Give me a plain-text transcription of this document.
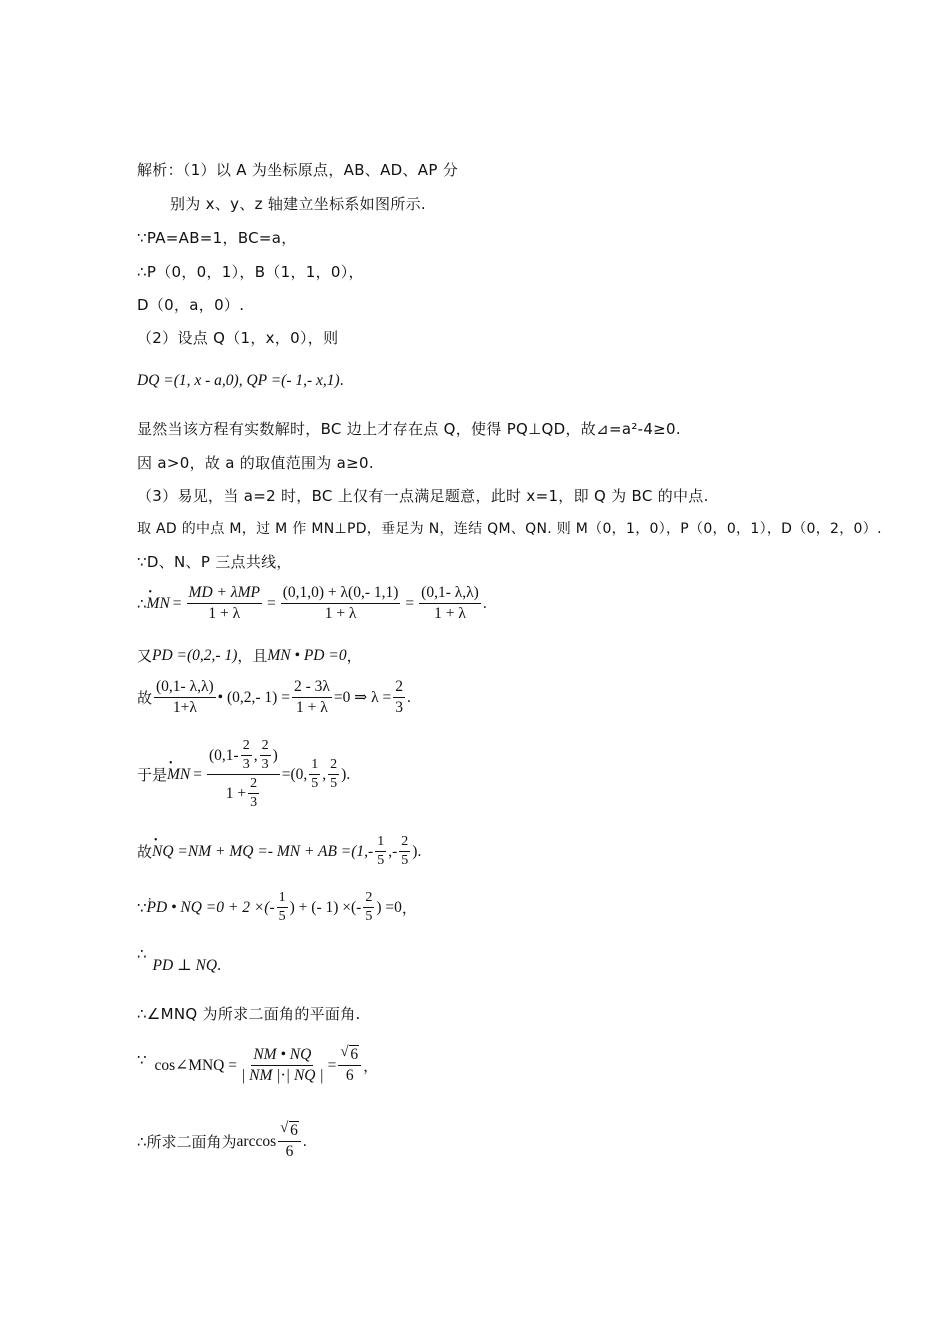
解析：（1）以 A 为坐标原点，AB、AD、AP 分
别为 x、y、z 轴建立坐标系如图所示.
∵PA=AB=1，BC=a，
∴P（0，0，1），B（1，1，0），
D（0，a，0）.
（2）设点 Q（1，x，0），则
DQ =(1, x - a,0), QP =(- 1,- x,1) .
显然当该方程有实数解时，BC 边上才存在点 Q，使得 PQ⊥QD，故⊿=a²-4≥0.
因 a>0，故 a 的取值范围为 a≥0.
（3）易见，当 a=2 时，BC 上仅有一点满足题意，此时 x=1，即 Q 为 BC 的中点.
取 AD 的中点 M，过 M 作 MN⊥PD，垂足为 N，连结 QM、QN. 则 M（0，1，0），P（0，0，1），D（0，2，0）.
∵D、N、P 三点共线，
∴
•
MN = $\frac{\text{MD + λMP}}{1 + \lambda} = \frac{(0,1,0) + \lambda(0,- 1,1)}{1 + \lambda} = \frac{(0,1- \lambda,\lambda)}{1 + \lambda}$ .
又 PD =(0,2,- 1) ，且 MN • PD =0 ，
故 $\frac{(0,1- \lambda,\lambda)}{1+\lambda}$ • (0,2,- $1) = \frac{2 - 3\lambda}{1 + \lambda} =0$ ⇒ $\lambda = \frac{2}{3}$ .
于是
•
MN = $\frac{(0,1- \frac{2}{3} , \frac{2}{3} )}{1 + \frac{2}{3}} =(0$, $\frac{1}{5}$ , $\frac{2}{5}$ ) .
故
•
NQ =NM + MQ =- MN + AB $=(1,- \frac{1}{5}$ ,- $\frac{2}{5}$ ) .
∵
,
PD • NQ =0 + 2 ×(- $\frac{1}{5}$ ) + (- 1) ×(- $\frac{2}{5}$ ) =0 ，
∴
PD ⊥ NQ .
∴∠MNQ 为所求二面角的平面角.
∵ cos∠MNQ = $\frac{NM • NQ}{| NM |\cdot| NQ |}$ = √ $\frac{6}{6}$ ，
∴所求二面角为 arccos √ $\frac{6}{6}$ .
